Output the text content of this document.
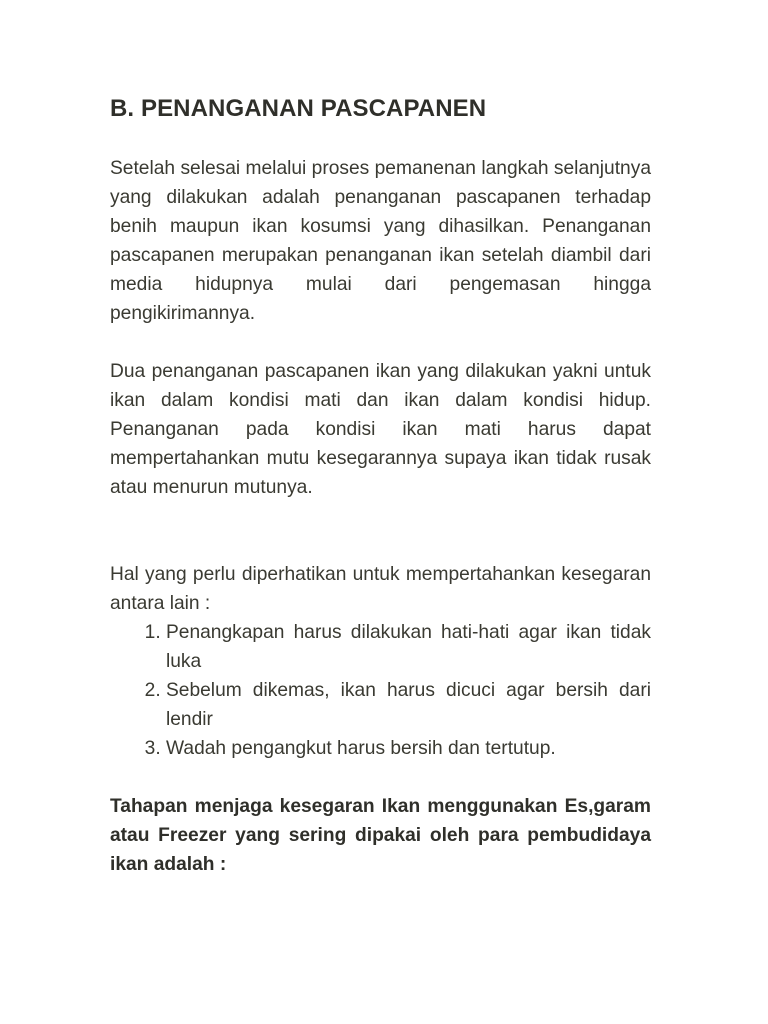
B. PENANGANAN PASCAPANEN

Setelah selesai melalui proses pemanenan langkah selanjutnya yang dilakukan adalah penanganan pascapanen terhadap benih maupun ikan kosumsi yang dihasilkan. Penanganan pascapanen merupakan penanganan ikan setelah diambil dari media hidupnya mulai dari pengemasan hingga pengikirimannya.

Dua penanganan pascapanen ikan yang dilakukan yakni untuk ikan dalam kondisi mati dan ikan dalam kondisi hidup. Penanganan pada kondisi ikan mati harus dapat mempertahankan mutu kesegarannya supaya ikan tidak rusak atau menurun mutunya.

Hal yang perlu diperhatikan untuk mempertahankan kesegaran antara lain :

1. Penangkapan harus dilakukan hati-hati agar ikan tidak luka
2. Sebelum dikemas, ikan harus dicuci agar bersih dari lendir
3. Wadah pengangkut harus bersih dan tertutup.

Tahapan menjaga kesegaran Ikan menggunakan Es,garam atau Freezer yang sering dipakai oleh para pembudidaya ikan adalah :
